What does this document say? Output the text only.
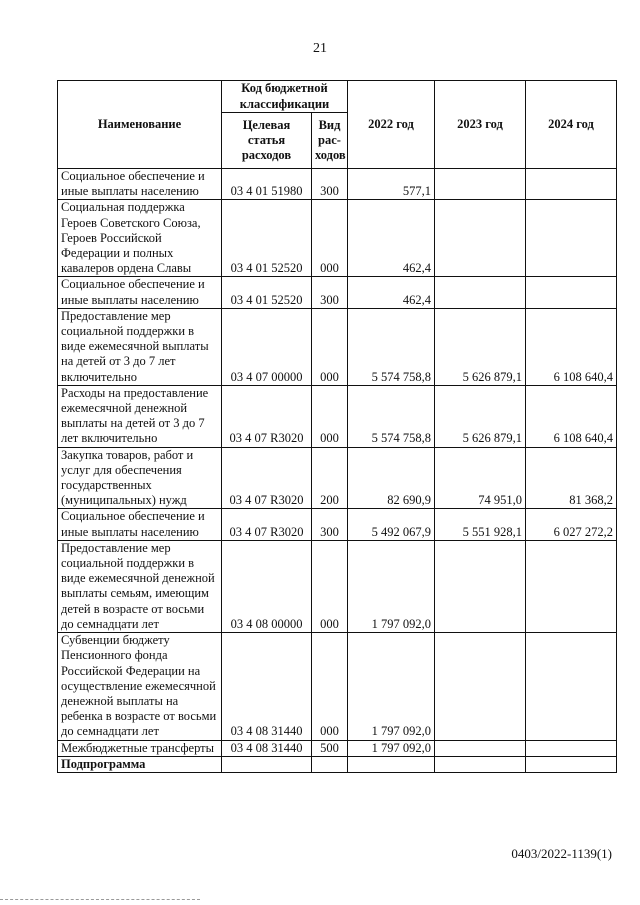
21
Наименование	Код бюджетной классификации		2022 год	2023 год	2024 год
	Целевая статья расходов	Вид рас-ходов			
Социальное обеспечение и иные выплаты населению	03 4 01 51980	300	577,1		
Социальная поддержка Героев Советского Союза, Героев Российской Федерации и полных кавалеров ордена Славы	03 4 01 52520	000	462,4		
Социальное обеспечение и иные выплаты населению	03 4 01 52520	300	462,4		
Предоставление мер социальной поддержки в виде ежемесячной выплаты на детей от 3 до 7 лет включительно	03 4 07 00000	000	5 574 758,8	5 626 879,1	6 108 640,4
Расходы на предоставление ежемесячной денежной выплаты на детей от 3 до 7 лет включительно	03 4 07 R3020	000	5 574 758,8	5 626 879,1	6 108 640,4
Закупка товаров, работ и услуг для обеспечения государственных (муниципальных) нужд	03 4 07 R3020	200	82 690,9	74 951,0	81 368,2
Социальное обеспечение и иные выплаты населению	03 4 07 R3020	300	5 492 067,9	5 551 928,1	6 027 272,2
Предоставление мер социальной поддержки в виде ежемесячной денежной выплаты семьям, имеющим детей в возрасте от восьми до семнадцати лет	03 4 08 00000	000	1 797 092,0		
Субвенции бюджету Пенсионного фонда Российской Федерации на осуществление ежемесячной денежной выплаты на ребенка в возрасте от восьми до семнадцати лет	03 4 08 31440	000	1 797 092,0		
Межбюджетные трансферты	03 4 08 31440	500	1 797 092,0		
Подпрограмма					
0403/2022-1139(1)
